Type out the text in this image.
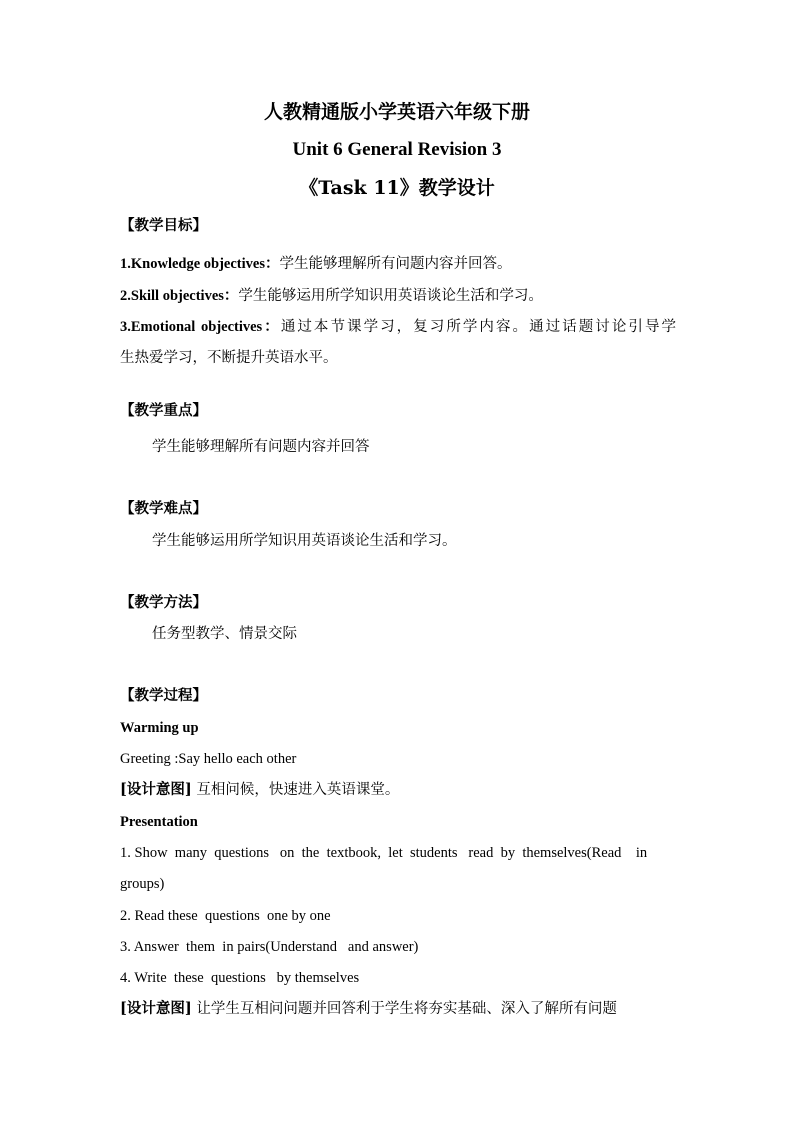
人教精通版小学英语六年级下册
Unit 6 General Revision 3
《Task 11》教学设计
【教学目标】
1.Knowledge objectives：学生能够理解所有问题内容并回答。
2.Skill objectives：学生能够运用所学知识用英语谈论生活和学习。
3.Emotional objectives：通过本节课学习，复习所学内容。通过话题讨论引导学
生热爱学习，不断提升英语水平。
【教学重点】
学生能够理解所有问题内容并回答
【教学难点】
学生能够运用所学知识用英语谈论生活和学习。
【教学方法】
任务型教学、情景交际
【教学过程】
Warming up
Greeting :Say hello each other
[设计意图] 互相问候，快速进入英语课堂。
Presentation
1. Show  many  questions   on  the  textbook,  let  students   read  by  themselves(Read    in
groups)
2. Read these  questions  one by one
3. Answer  them  in pairs(Understand   and answer)
4. Write  these  questions   by themselves
[设计意图] 让学生互相问问题并回答利于学生将夯实基础、深入了解所有问题
